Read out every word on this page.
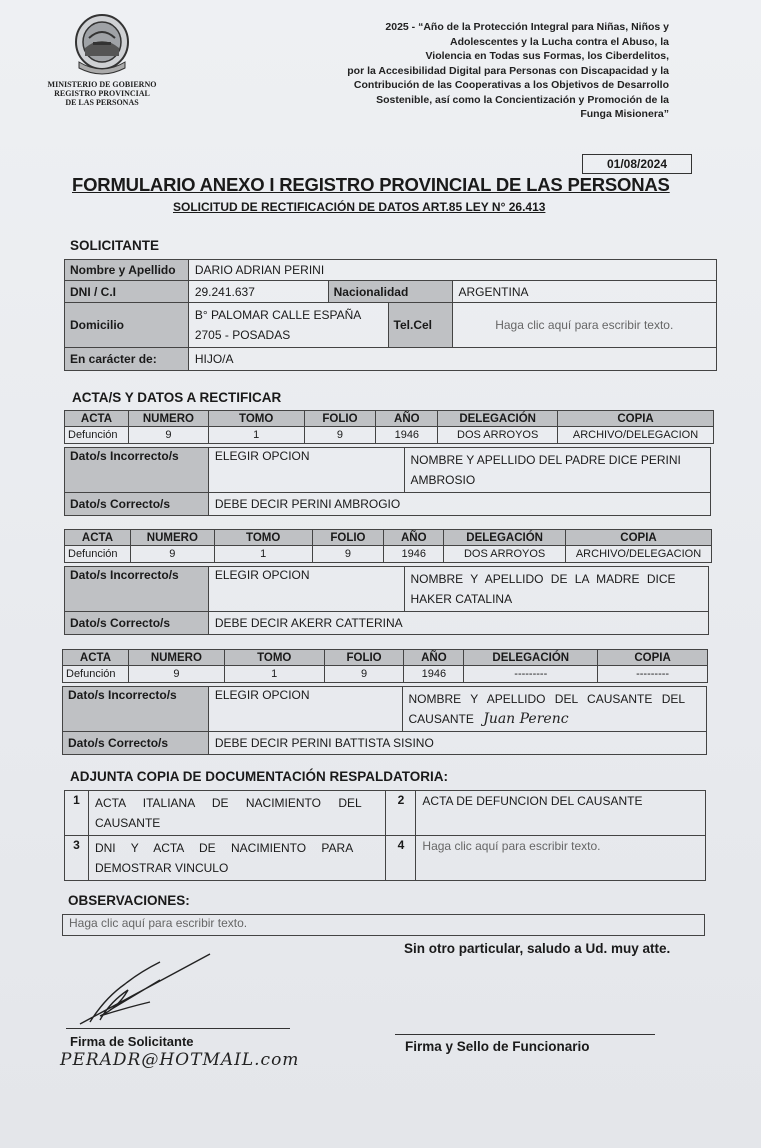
MINISTERIO DE GOBIERNO
REGISTRO PROVINCIAL
DE LAS PERSONAS
2025 - “Año de la Protección Integral para Niñas, Niños y
Adolescentes y la Lucha contra el Abuso, la
Violencia en Todas sus Formas, los Ciberdelitos,
por la Accesibilidad Digital para Personas con Discapacidad y la
Contribución de las Cooperativas a los Objetivos de Desarrollo
Sostenible, así como la Concientización y Promoción de la
Funga Misionera”
01/08/2024
FORMULARIO ANEXO I REGISTRO PROVINCIAL DE LAS PERSONAS
SOLICITUD DE RECTIFICACIÓN DE DATOS ART.85 LEY N° 26.413
SOLICITANTE
Nombre y Apellido	DARIO ADRIAN PERINI			
DNI / C.I	29.241.637	Nacionalidad		ARGENTINA
Domicilio	B° PALOMAR CALLE ESPAÑA
2705 - POSADAS		Tel.Cel	Haga clic aquí para escribir texto.
En carácter de:	HIJO/A			
ACTA/S Y DATOS A RECTIFICAR
ACTA	NUMERO	TOMO	FOLIO	AÑO	DELEGACIÓN	COPIA
Defunción	9	1	9	1946	DOS ARROYOS	ARCHIVO/DELEGACION
Dato/s Incorrecto/s	ELEGIR OPCION	NOMBRE Y APELLIDO DEL PADRE DICE PERINI
AMBROSIO

Dato/s Correcto/s	DEBE DECIR PERINI AMBROGIO	
ACTA	NUMERO	TOMO	FOLIO	AÑO	DELEGACIÓN	COPIA
Defunción	9	1	9	1946	DOS ARROYOS	ARCHIVO/DELEGACION
Dato/s Incorrecto/s	ELEGIR OPCION	NOMBRE Y APELLIDO DE LA MADRE DICE
HAKER CATALINA

Dato/s Correcto/s	DEBE DECIR AKERR CATTERINA	
ACTA	NUMERO	TOMO	FOLIO	AÑO	DELEGACIÓN	COPIA
Defunción	9	1	9	1946	---------	---------
Dato/s Incorrecto/s	ELEGIR OPCION	NOMBRE Y APELLIDO DEL CAUSANTE DEL
CAUSANTE Juan Perenc

Dato/s Correcto/s	DEBE DECIR PERINI BATTISTA SISINO	
ADJUNTA COPIA DE DOCUMENTACIÓN RESPALDATORIA:
1	ACTA ITALIANA DE NACIMIENTO DEL
CAUSANTE	2	ACTA DE DEFUNCION DEL CAUSANTE
3	DNI Y ACTA DE NACIMIENTO PARA
DEMOSTRAR VINCULO	4	Haga clic aquí para escribir texto.
OBSERVACIONES:
Haga clic aquí para escribir texto.
Sin otro particular, saludo a Ud. muy atte.
Firma de Solicitante	Firma y Sello de Funcionario
PERADR@HOTMAIL.com
